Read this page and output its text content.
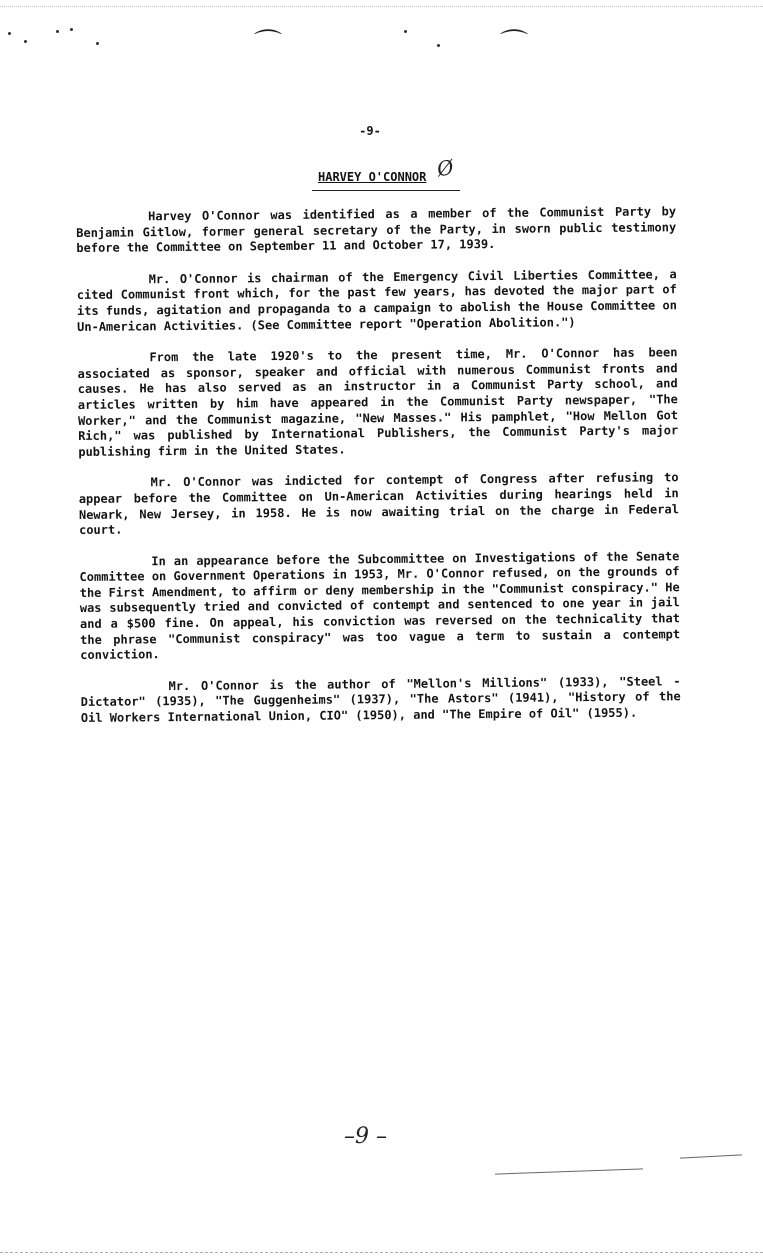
⌒	⌒
-9-
HARVEY O'CONNOR Ø

Harvey O'Connor was identified as a member of the Communist Party by Benjamin Gitlow, former general secretary of the Party, in sworn public testimony before the Committee on September 11 and October 17, 1939.

Mr. O'Connor is chairman of the Emergency Civil Liberties Committee, a cited Communist front which, for the past few years, has devoted the major part of its funds, agitation and propaganda to a campaign to abolish the House Committee on Un-American Activities. (See Committee report "Operation Abolition.")

From the late 1920's to the present time, Mr. O'Connor has been associated as sponsor, speaker and official with numerous Communist fronts and causes. He has also served as an instructor in a Communist Party school, and articles written by him have appeared in the Communist Party newspaper, "The Worker," and the Communist magazine, "New Masses." His pamphlet, "How Mellon Got Rich," was published by International Publishers, the Communist Party's major publishing firm in the United States.

Mr. O'Connor was indicted for contempt of Congress after refusing to appear before the Committee on Un-American Activities during hearings held in Newark, New Jersey, in 1958. He is now awaiting trial on the charge in Federal court.

In an appearance before the Subcommittee on Investigations of the Senate Committee on Government Operations in 1953, Mr. O'Connor refused, on the grounds of the First Amendment, to affirm or deny membership in the "Communist conspiracy." He was subsequently tried and convicted of contempt and sentenced to one year in jail and a $500 fine. On appeal, his conviction was reversed on the technicality that the phrase "Communist conspiracy" was too vague a term to sustain a contempt conviction.

Mr. O'Connor is the author of "Mellon's Millions" (1933), "Steel - Dictator" (1935), "The Guggenheims" (1937), "The Astors" (1941), "History of the Oil Workers International Union, CIO" (1950), and "The Empire of Oil" (1955).

–9 –
